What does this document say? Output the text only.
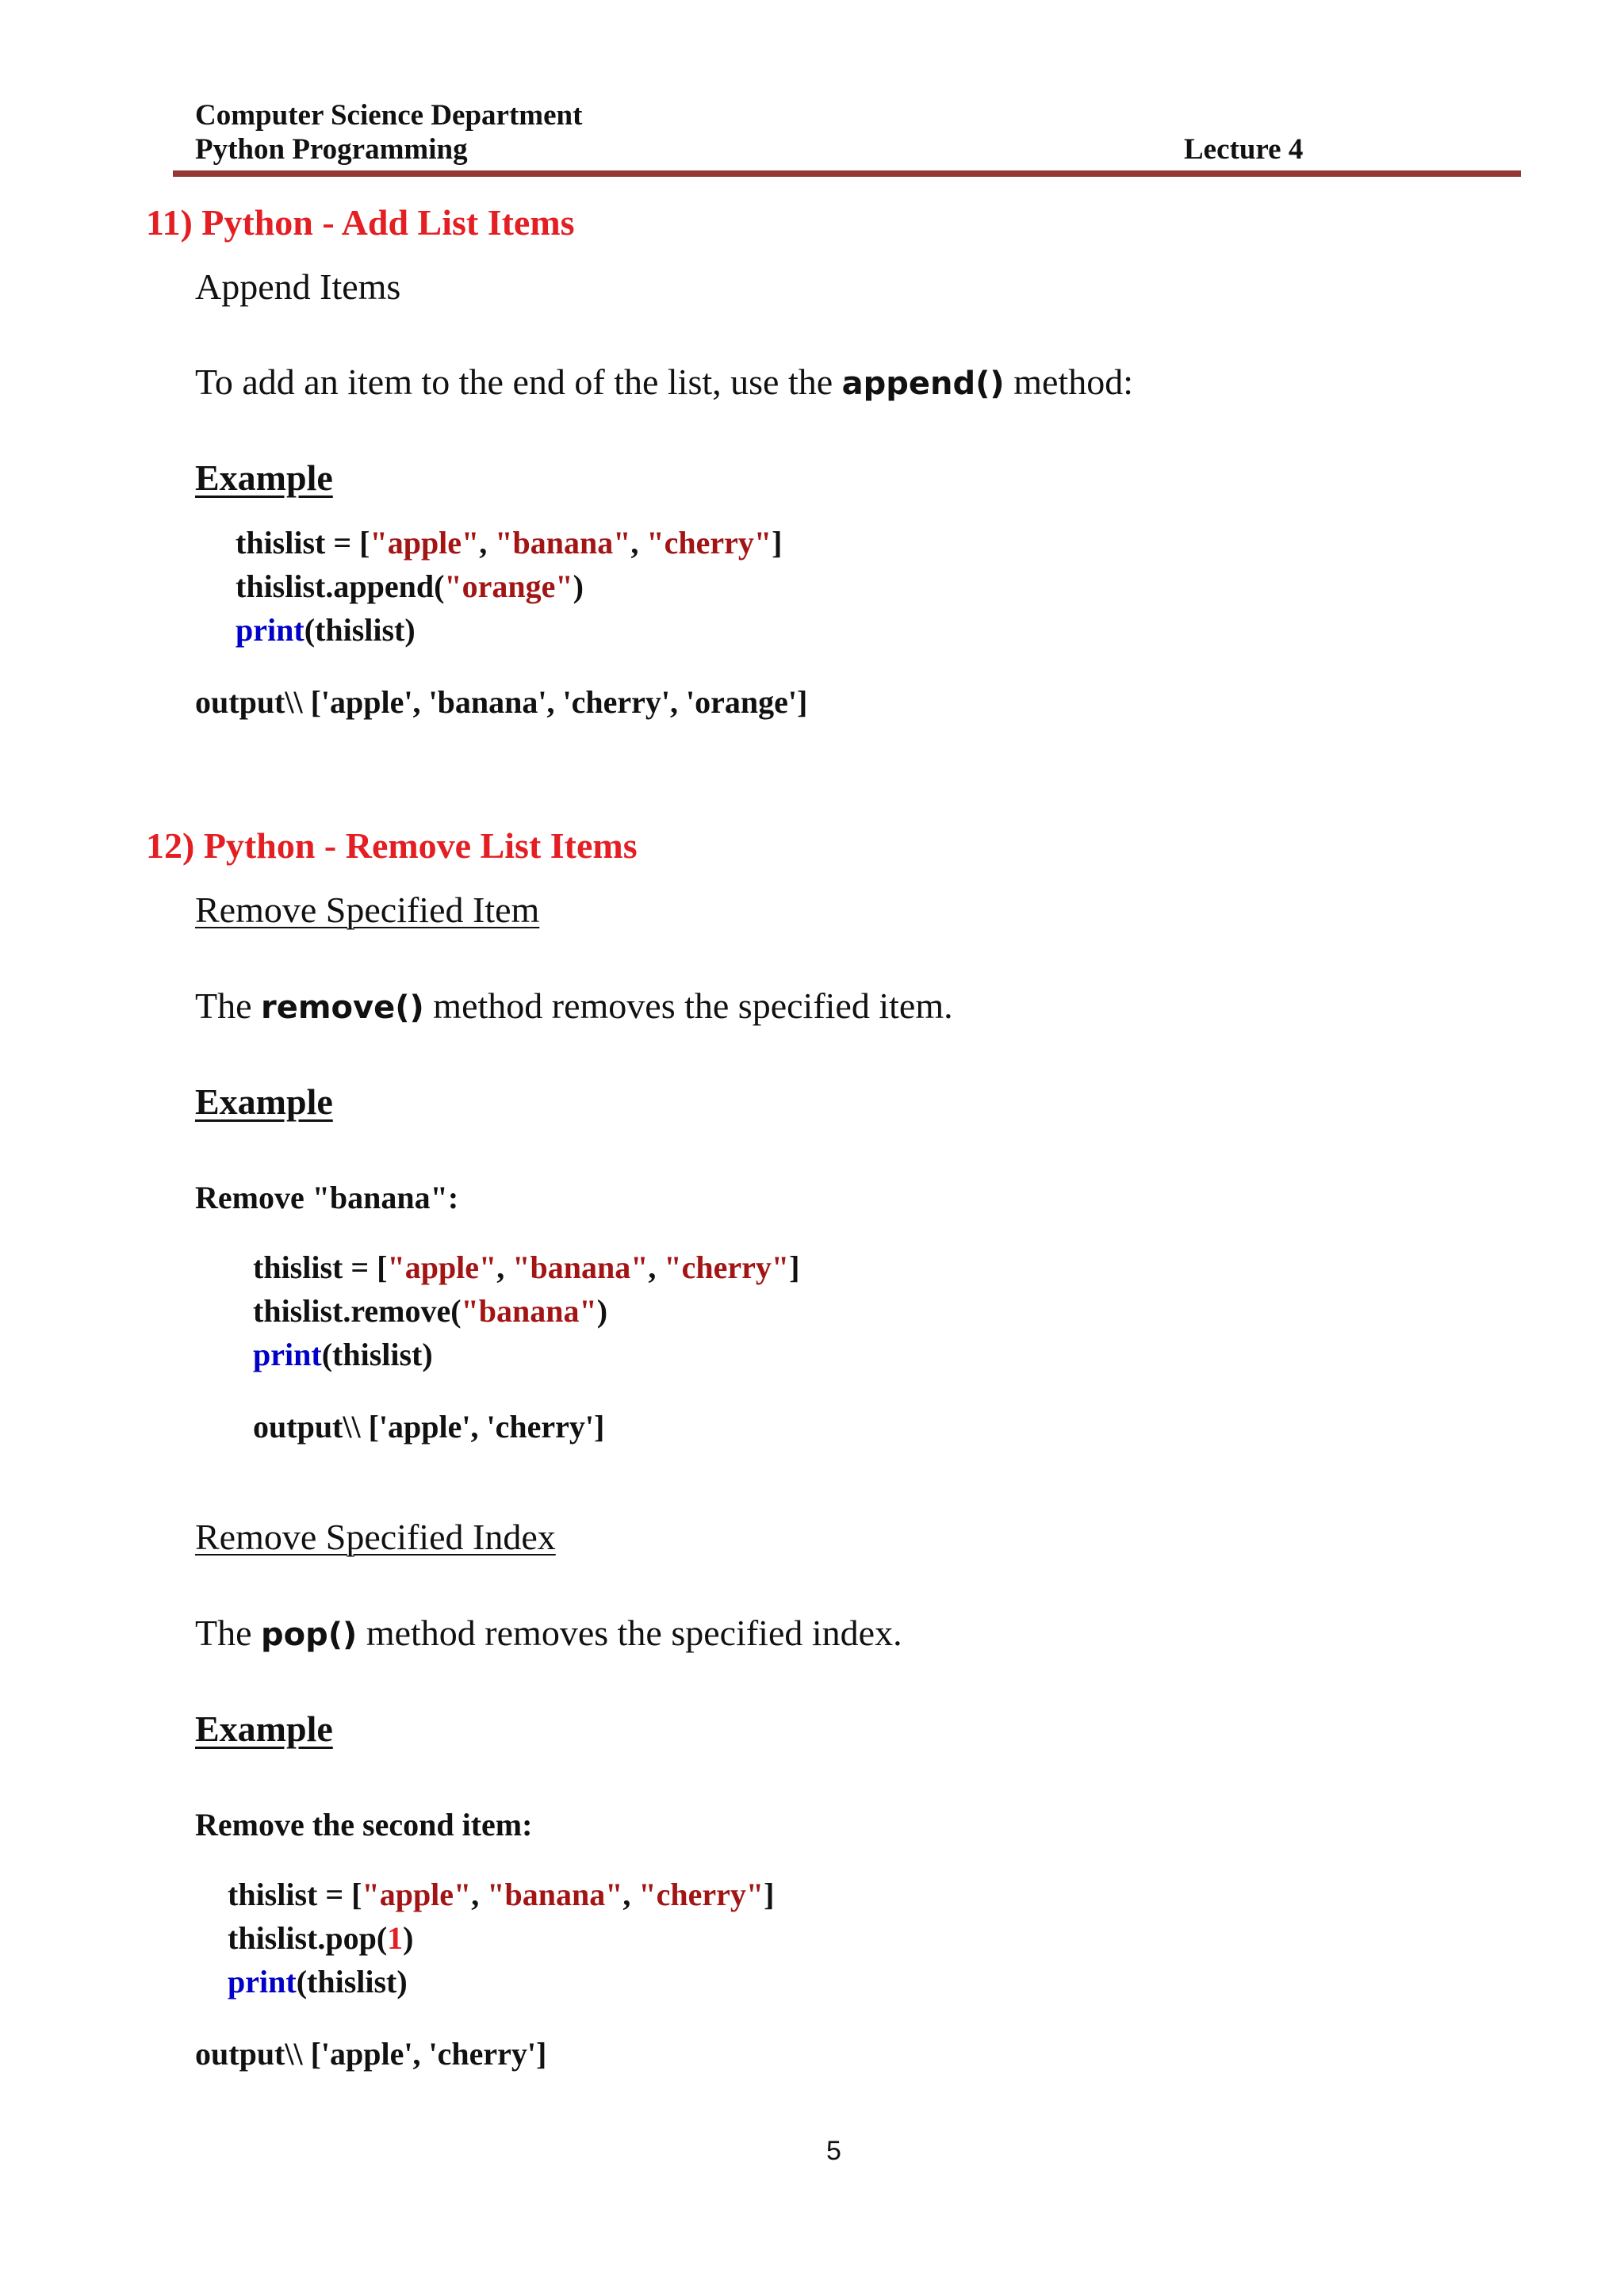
Computer Science Department
Python Programming	Lecture 4
11) Python - Add List Items
Append Items
To add an item to the end of the list, use the append() method:
Example
thislist = ["apple", "banana", "cherry"]
thislist.append("orange")
print(thislist)
output\\ ['apple', 'banana', 'cherry', 'orange']
12) Python - Remove List Items
Remove Specified Item
The remove() method removes the specified item.
Example
Remove "banana":
thislist = ["apple", "banana", "cherry"]
thislist.remove("banana")
print(thislist)
output\\ ['apple', 'cherry']
Remove Specified Index
The pop() method removes the specified index.
Example
Remove the second item:
thislist = ["apple", "banana", "cherry"]
thislist.pop(1)
print(thislist)
output\\ ['apple', 'cherry']
5
